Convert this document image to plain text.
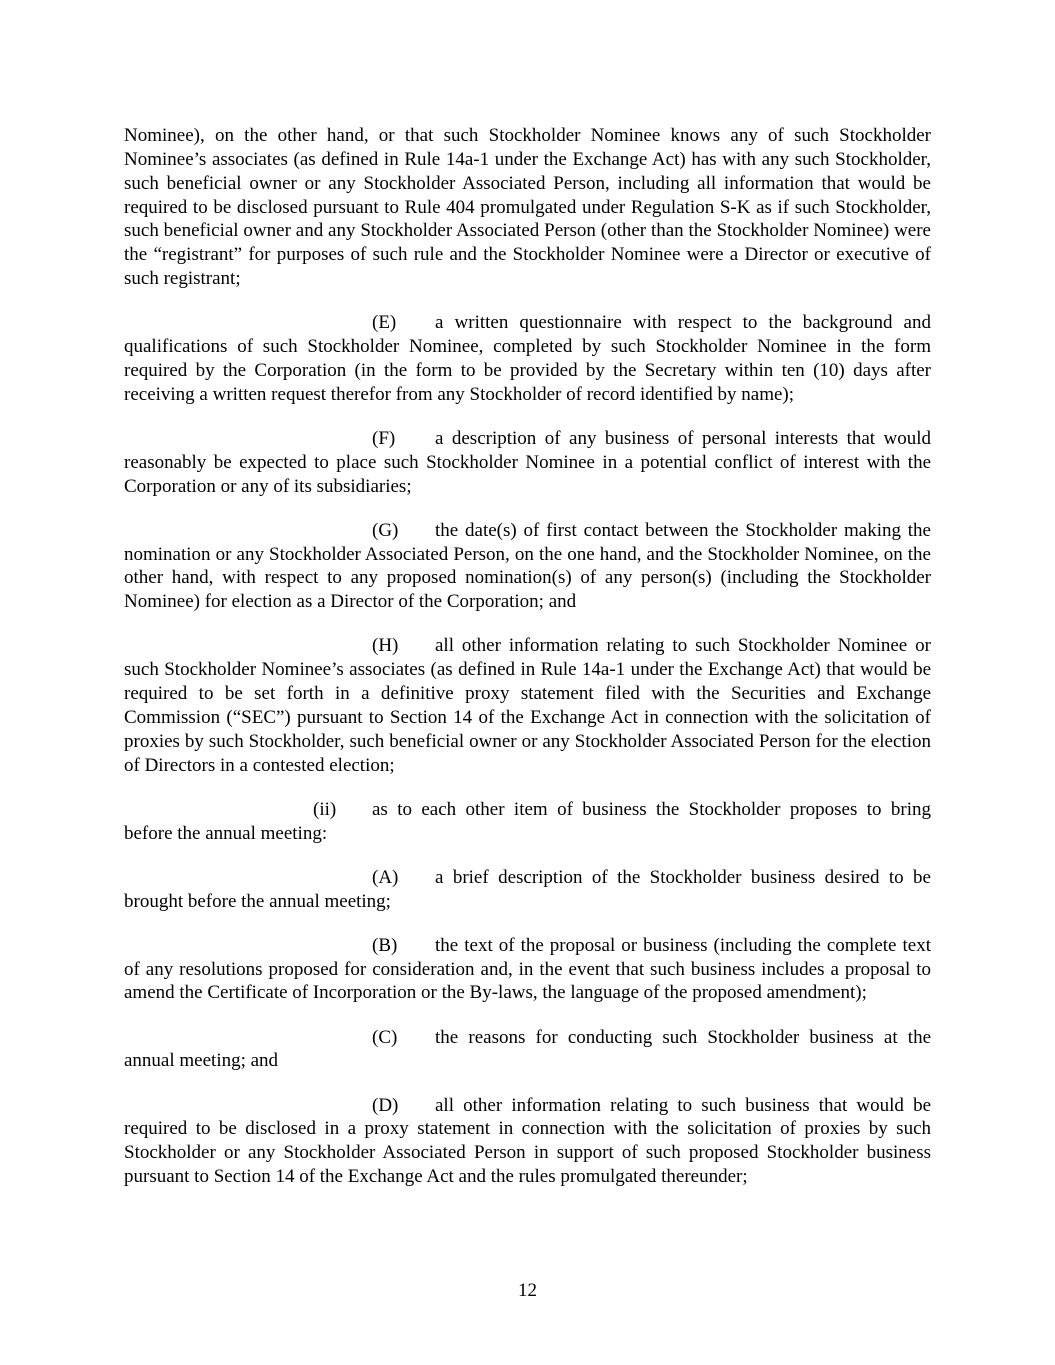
Nominee), on the other hand, or that such Stockholder Nominee knows any of such Stockholder Nominee’s associates (as defined in Rule 14a-1 under the Exchange Act) has with any such Stockholder, such beneficial owner or any Stockholder Associated Person, including all information that would be required to be disclosed pursuant to Rule 404 promulgated under Regulation S-K as if such Stockholder, such beneficial owner and any Stockholder Associated Person (other than the Stockholder Nominee) were the “registrant” for purposes of such rule and the Stockholder Nominee were a Director or executive of such registrant;

(E) a written questionnaire with respect to the background and qualifications of such Stockholder Nominee, completed by such Stockholder Nominee in the form required by the Corporation (in the form to be provided by the Secretary within ten (10) days after receiving a written request therefor from any Stockholder of record identified by name);

(F) a description of any business of personal interests that would reasonably be expected to place such Stockholder Nominee in a potential conflict of interest with the Corporation or any of its subsidiaries;

(G) the date(s) of first contact between the Stockholder making the nomination or any Stockholder Associated Person, on the one hand, and the Stockholder Nominee, on the other hand, with respect to any proposed nomination(s) of any person(s) (including the Stockholder Nominee) for election as a Director of the Corporation; and

(H) all other information relating to such Stockholder Nominee or such Stockholder Nominee’s associates (as defined in Rule 14a-1 under the Exchange Act) that would be required to be set forth in a definitive proxy statement filed with the Securities and Exchange Commission (“SEC”) pursuant to Section 14 of the Exchange Act in connection with the solicitation of proxies by such Stockholder, such beneficial owner or any Stockholder Associated Person for the election of Directors in a contested election;

(ii) as to each other item of business the Stockholder proposes to bring before the annual meeting:

(A) a brief description of the Stockholder business desired to be brought before the annual meeting;

(B) the text of the proposal or business (including the complete text of any resolutions proposed for consideration and, in the event that such business includes a proposal to amend the Certificate of Incorporation or the By-laws, the language of the proposed amendment);

(C) the reasons for conducting such Stockholder business at the annual meeting; and

(D) all other information relating to such business that would be required to be disclosed in a proxy statement in connection with the solicitation of proxies by such Stockholder or any Stockholder Associated Person in support of such proposed Stockholder business pursuant to Section 14 of the Exchange Act and the rules promulgated thereunder;

12
